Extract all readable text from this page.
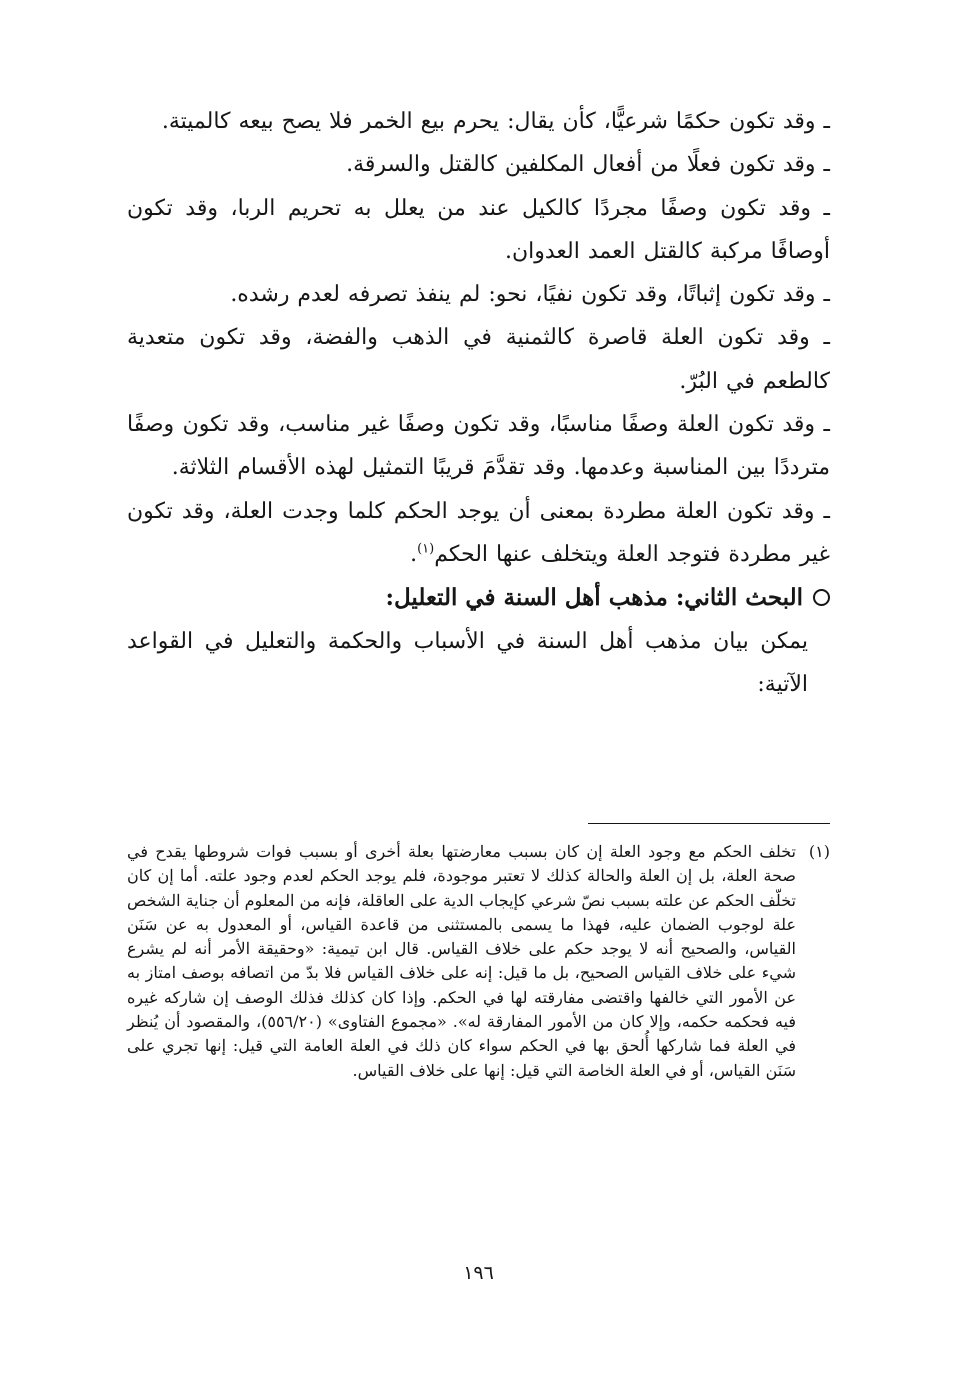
ـ وقد تكون حكمًا شرعيًّا، كأن يقال: يحرم بيع الخمر فلا يصح بيعه كالميتة.

ـ وقد تكون فعلًا من أفعال المكلفين كالقتل والسرقة.

ـ وقد تكون وصفًا مجردًا كالكيل عند من يعلل به تحريم الربا، وقد تكون أوصافًا مركبة كالقتل العمد العدوان.

ـ وقد تكون إثباتًا، وقد تكون نفيًا، نحو: لم ينفذ تصرفه لعدم رشده.

ـ وقد تكون العلة قاصرة كالثمنية في الذهب والفضة، وقد تكون متعدية كالطعم في البُرّ.

ـ وقد تكون العلة وصفًا مناسبًا، وقد تكون وصفًا غير مناسب، وقد تكون وصفًا مترددًا بين المناسبة وعدمها. وقد تقدَّمَ قريبًا التمثيل لهذه الأقسام الثلاثة.

ـ وقد تكون العلة مطردة بمعنى أن يوجد الحكم كلما وجدت العلة، وقد تكون غير مطردة فتوجد العلة ويتخلف عنها الحكم$^{(١)}$.

البحث الثاني: مذهب أهل السنة في التعليل:

يمكن بيان مذهب أهل السنة في الأسباب والحكمة والتعليل في القواعد الآتية:

(١)

تخلف الحكم مع وجود العلة إن كان بسبب معارضتها بعلة أخرى أو بسبب فوات شروطها يقدح في صحة العلة، بل إن العلة والحالة كذلك لا تعتبر موجودة، فلم يوجد الحكم لعدم وجود علته. أما إن كان تخلّف الحكم عن علته بسبب نصّ شرعي كإيجاب الدية على العاقلة، فإنه من المعلوم أن جناية الشخص علة لوجوب الضمان عليه، فهذا ما يسمى بالمستثنى من قاعدة القياس، أو المعدول به عن سَنَن القياس، والصحيح أنه لا يوجد حكم على خلاف القياس. قال ابن تيمية: «وحقيقة الأمر أنه لم يشرع شيء على خلاف القياس الصحيح، بل ما قيل: إنه على خلاف القياس فلا بدّ من اتصافه بوصف امتاز به عن الأمور التي خالفها واقتضى مفارقته لها في الحكم. وإذا كان كذلك فذلك الوصف إن شاركه غيره فيه فحكمه حكمه، وإلا كان من الأمور المفارقة له». «مجموع الفتاوى» (٥٥٦/٢٠)، والمقصود أن يُنظر في العلة فما شاركها أُلحق بها في الحكم سواء كان ذلك في العلة العامة التي قيل: إنها تجري على سَنَن القياس، أو في العلة الخاصة التي قيل: إنها على خلاف القياس.

١٩٦
